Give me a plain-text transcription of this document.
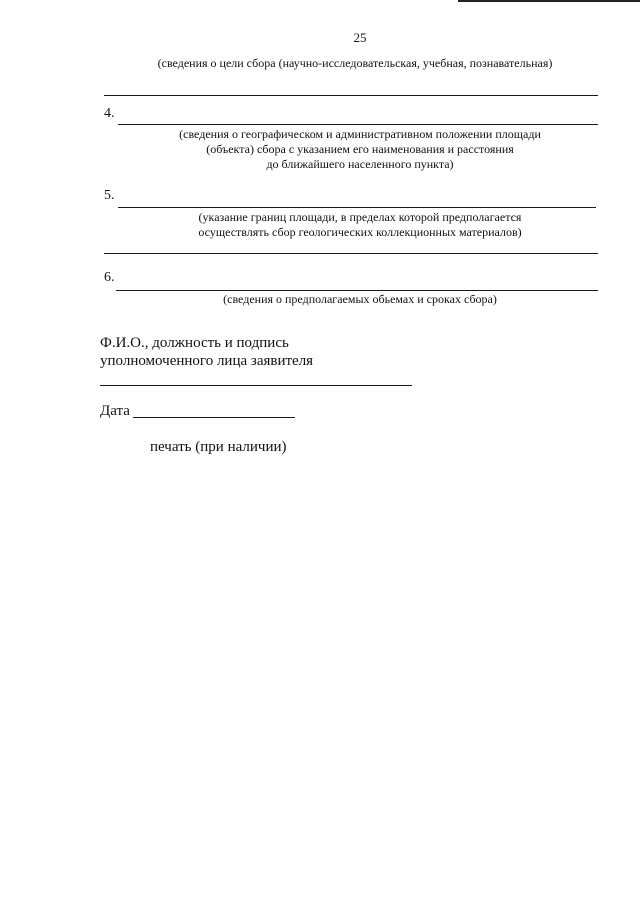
25
(сведения о цели сбора (научно-исследовательская, учебная, познавательная)
4.
(сведения о географическом и административном положении площади
(объекта) сбора с указанием его наименования и расстояния
до ближайшего населенного пункта)
5.
(указание границ площади, в пределах которой предполагается
осуществлять сбор геологических коллекционных материалов)
6.
(сведения о предполагаемых обьемах и сроках сбора)
Ф.И.О., должность и подпись
уполномоченного лица заявителя
Дата
печать (при наличии)
